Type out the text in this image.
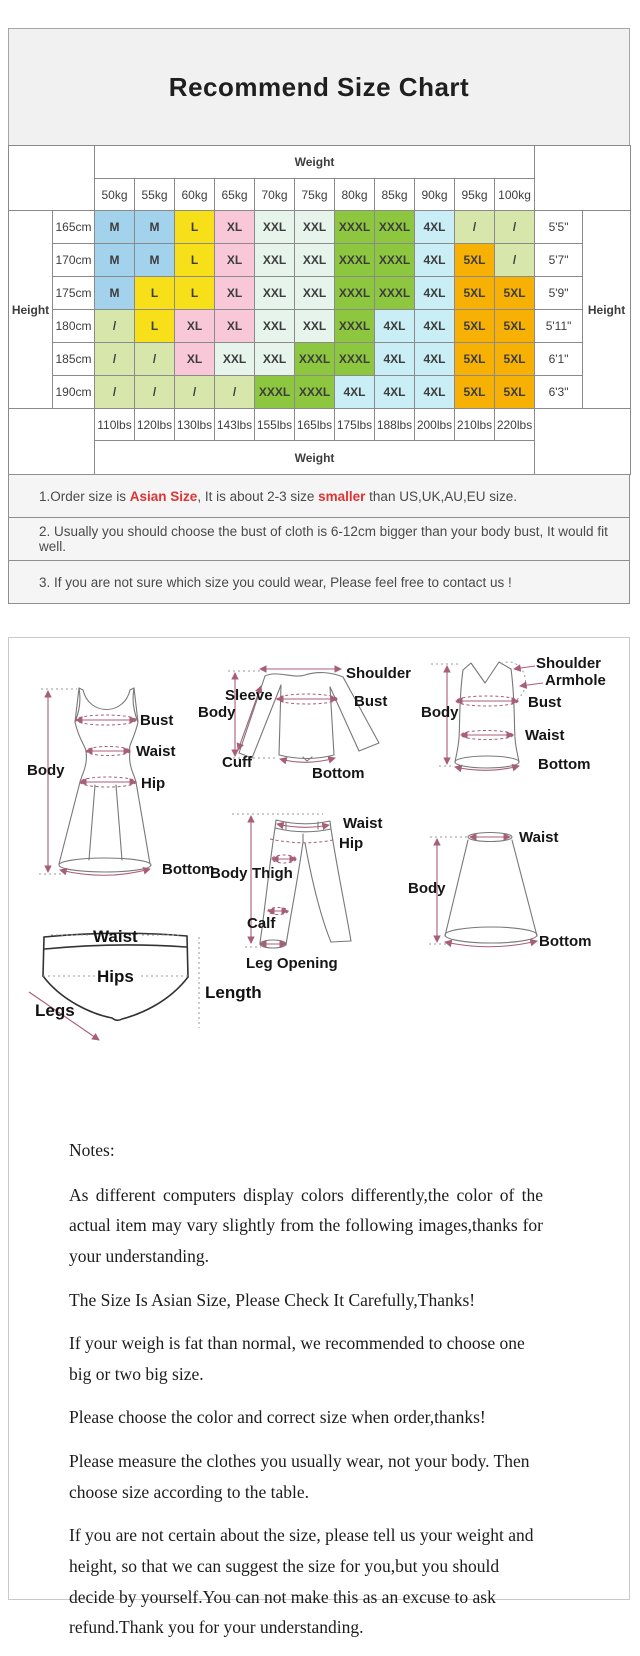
Recommend Size Chart
		Weight												
		50kg	55kg	60kg	65kg	70kg	75kg	80kg	85kg	90kg	95kg	100kg		
Height	165cm	M	M	L	XL	XXL	XXL	XXXL	XXXL	4XL	/	/	5'5"	Height
	170cm	M	M	L	XL	XXL	XXL	XXXL	XXXL	4XL	5XL	/	5'7"	
	175cm	M	L	L	XL	XXL	XXL	XXXL	XXXL	4XL	5XL	5XL	5'9"	
	180cm	/	L	XL	XL	XXL	XXL	XXXL	4XL	4XL	5XL	5XL	5'11"	
	185cm	/	/	XL	XXL	XXL	XXXL	XXXL	4XL	4XL	5XL	5XL	6'1"	
	190cm	/	/	/	/	XXXL	XXXL	4XL	4XL	4XL	5XL	5XL	6'3"	
		110lbs	120lbs	130lbs	143lbs	155lbs	165lbs	175lbs	188lbs	200lbs	210lbs	220lbs		
		Weight												
1.Order size is Asian Size, It is about 2-3 size smaller than US,UK,AU,EU size.
2. Usually you should choose the bust of cloth is 6-12cm bigger than your body bust, It would fit well.
3. If you are not sure which size you could wear, Please feel free to contact us !
Bust
Waist
Hip
Body
Bottom
Shoulder
Sleeve
Body
Bust
Cuff
Bottom
Shoulder
Armhole
Body
Bust
Waist
Bottom
Waist
Hip
Body Thigh
Calf
Leg Opening
Waist
Body
Bottom
Waist
Hips
Legs
Length
Notes:

As different computers display colors differently,the color of the actual item may vary slightly from the following images,thanks for your understanding.

The Size Is Asian Size, Please Check It Carefully,Thanks!

If your weigh is fat than normal, we recommended to choose one big or two big size.

Please choose the color and correct size when order,thanks!

Please measure the clothes you usually wear, not your body. Then choose size according to the table.

If you are not certain about the size, please tell us your weight and height, so that we can suggest the size for you,but you should decide by yourself.You can not make this as an excuse to ask refund.Thank you for your understanding.
